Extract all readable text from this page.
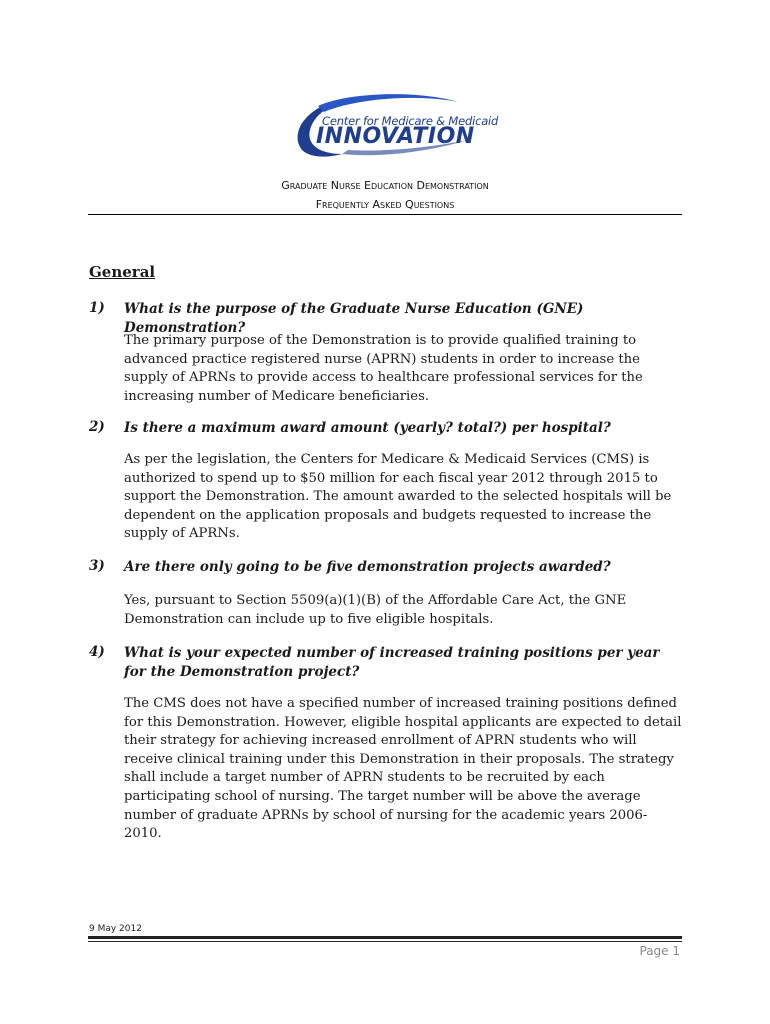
Center for Medicare & Medicaid
INNOVATION
Graduate Nurse Education Demonstration
Frequently Asked Questions
General
1) What is the purpose of the Graduate Nurse Education (GNE) Demonstration?
The primary purpose of the Demonstration is to provide qualified training to advanced practice registered nurse (APRN) students in order to increase the supply of APRNs to provide access to healthcare professional services for the increasing number of Medicare beneficiaries.
2) Is there a maximum award amount (yearly? total?) per hospital?
As per the legislation, the Centers for Medicare & Medicaid Services (CMS) is authorized to spend up to $50 million for each fiscal year 2012 through 2015 to support the Demonstration. The amount awarded to the selected hospitals will be dependent on the application proposals and budgets requested to increase the supply of APRNs.
3) Are there only going to be five demonstration projects awarded?
Yes, pursuant to Section 5509(a)(1)(B) of the Affordable Care Act, the GNE Demonstration can include up to five eligible hospitals.
4) What is your expected number of increased training positions per year for the Demonstration project?
The CMS does not have a specified number of increased training positions defined for this Demonstration. However, eligible hospital applicants are expected to detail their strategy for achieving increased enrollment of APRN students who will receive clinical training under this Demonstration in their proposals. The strategy shall include a target number of APRN students to be recruited by each participating school of nursing. The target number will be above the average number of graduate APRNs by school of nursing for the academic years 2006-2010.
9 May 2012
Page 1
